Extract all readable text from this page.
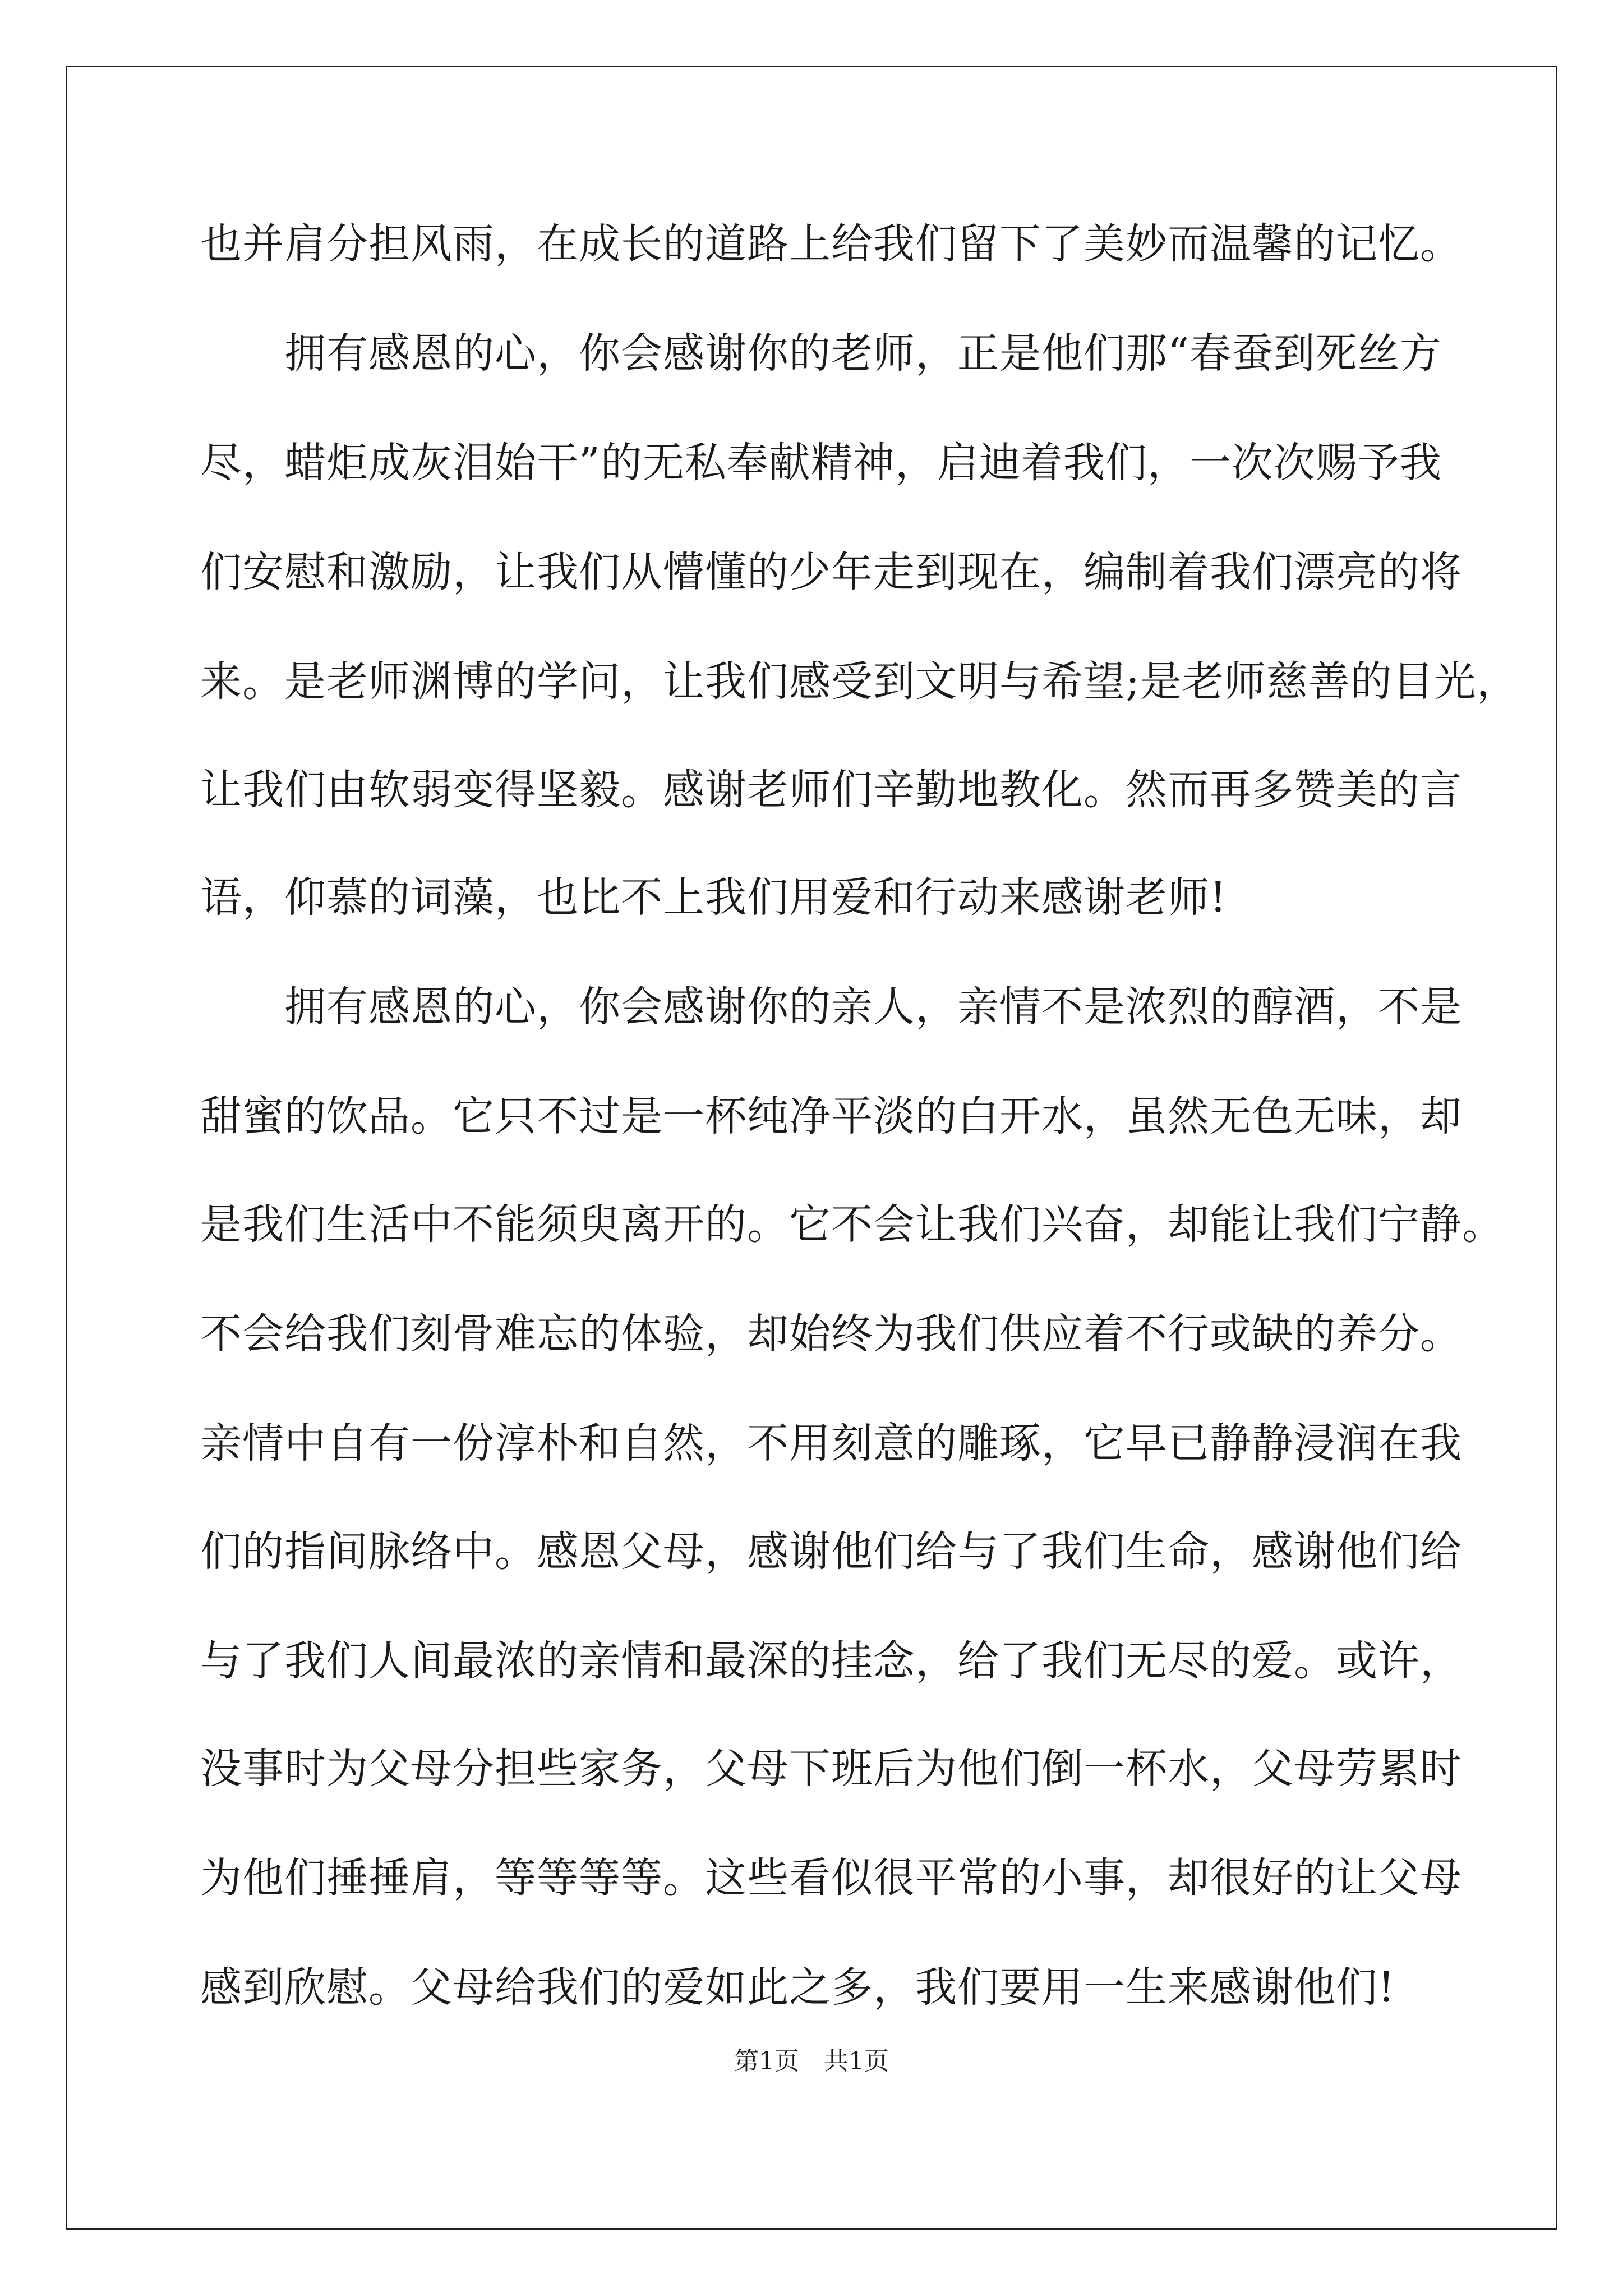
也并肩分担风雨，在成长的道路上给我们留下了美妙而温馨的记忆。
　　拥有感恩的心，你会感谢你的老师，正是他们那“春蚕到死丝方
尽，蜡炬成灰泪始干”的无私奉献精神，启迪着我们，一次次赐予我
们安慰和激励，让我们从懵懂的少年走到现在，编制着我们漂亮的将
来。是老师渊博的学问，让我们感受到文明与希望;是老师慈善的目光，
让我们由软弱变得坚毅。感谢老师们辛勤地教化。然而再多赞美的言
语，仰慕的词藻，也比不上我们用爱和行动来感谢老师!
　　拥有感恩的心，你会感谢你的亲人，亲情不是浓烈的醇酒，不是
甜蜜的饮品。它只不过是一杯纯净平淡的白开水，虽然无色无味，却
是我们生活中不能须臾离开的。它不会让我们兴奋，却能让我们宁静。
不会给我们刻骨难忘的体验，却始终为我们供应着不行或缺的养分。
亲情中自有一份淳朴和自然，不用刻意的雕琢，它早已静静浸润在我
们的指间脉络中。感恩父母，感谢他们给与了我们生命，感谢他们给
与了我们人间最浓的亲情和最深的挂念，给了我们无尽的爱。或许，
没事时为父母分担些家务，父母下班后为他们倒一杯水，父母劳累时
为他们捶捶肩，等等等等。这些看似很平常的小事，却很好的让父母
感到欣慰。父母给我们的爱如此之多，我们要用一生来感谢他们!
第1页　共1页
